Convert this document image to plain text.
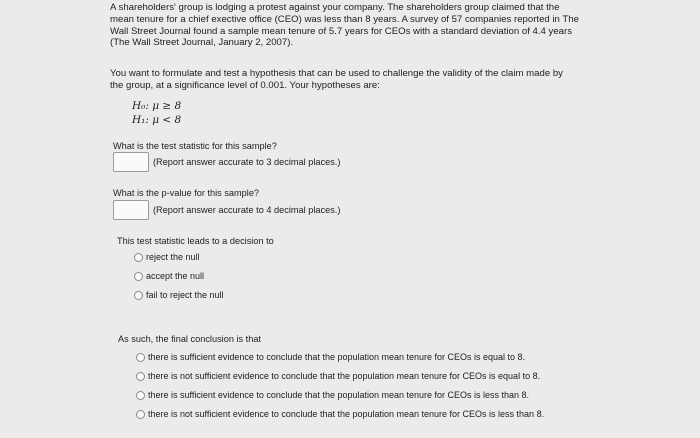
A shareholders' group is lodging a protest against your company. The shareholders group claimed that the

mean tenure for a chief exective office (CEO) was less than 8 years. A survey of 57 companies reported in The

Wall Street Journal found a sample mean tenure of 5.7 years for CEOs with a standard deviation of 4.4 years

(The Wall Street Journal, January 2, 2007).

You want to formulate and test a hypothesis that can be used to challenge the validity of the claim made by

the group, at a significance level of 0.001. Your hypotheses are:

H₀: μ ≥ 8
H₁: μ < 8
What is the test statistic for this sample?
(Report answer accurate to 3 decimal places.)
What is the p-value for this sample?
(Report answer accurate to 4 decimal places.)
This test statistic leads to a decision to
reject the null
accept the null
fail to reject the null
As such, the final conclusion is that
there is sufficient evidence to conclude that the population mean tenure for CEOs is equal to 8.
there is not sufficient evidence to conclude that the population mean tenure for CEOs is equal to 8.
there is sufficient evidence to conclude that the population mean tenure for CEOs is less than 8.
there is not sufficient evidence to conclude that the population mean tenure for CEOs is less than 8.
